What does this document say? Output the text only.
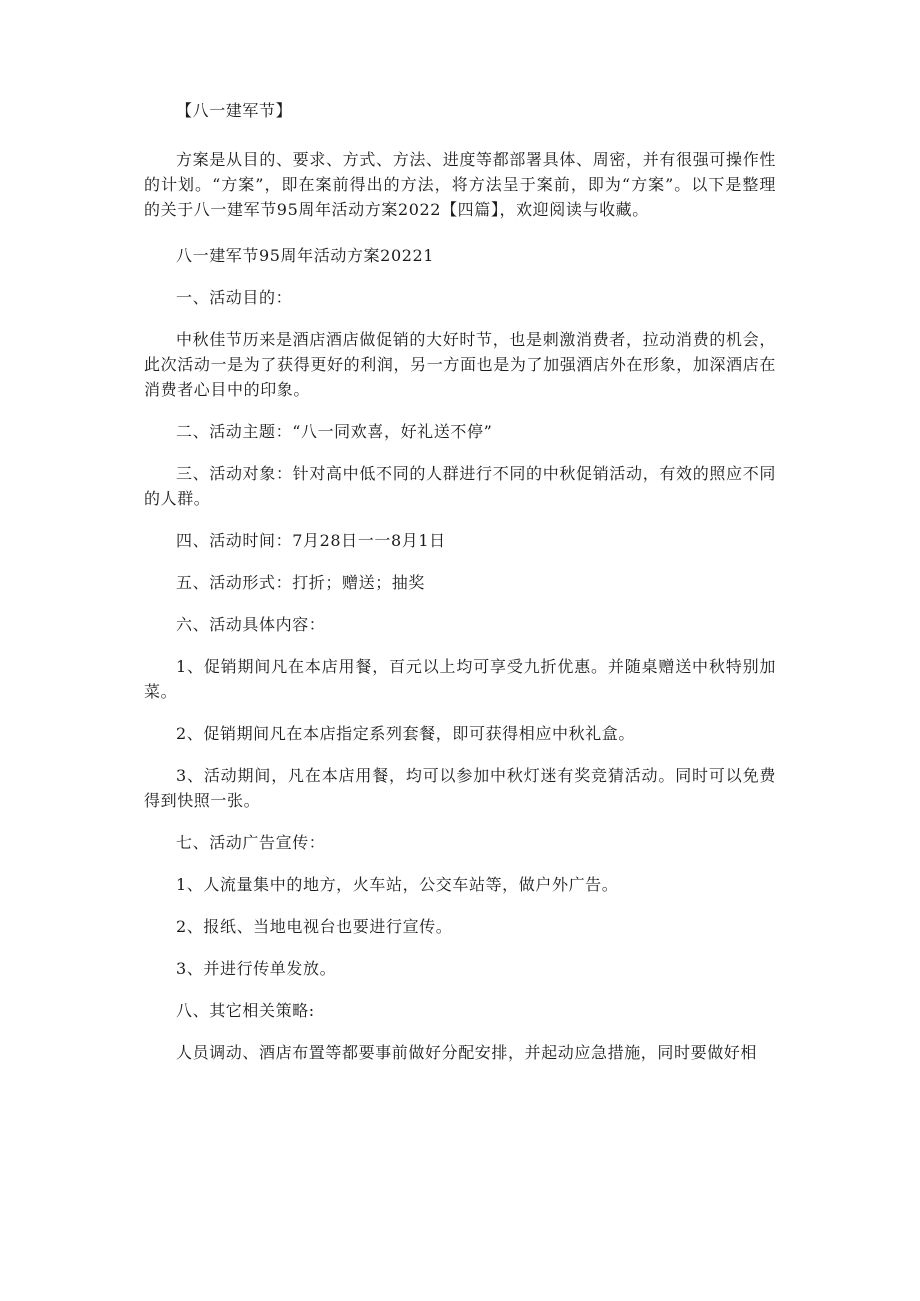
【八一建军节】

方案是从目的、要求、方式、方法、进度等都部署具体、周密，并有很强可操作性的计划。“方案”，即在案前得出的方法，将方法呈于案前，即为“方案”。以下是整理的关于八一建军节95周年活动方案2022【四篇】，欢迎阅读与收藏。

八一建军节95周年活动方案20221

一、活动目的：

中秋佳节历来是酒店酒店做促销的大好时节，也是刺激消费者，拉动消费的机会，此次活动一是为了获得更好的利润，另一方面也是为了加强酒店外在形象，加深酒店在消费者心目中的印象。

二、活动主题：“八一同欢喜，好礼送不停”

三、活动对象：针对高中低不同的人群进行不同的中秋促销活动，有效的照应不同的人群。

四、活动时间：7月28日一一8月1日

五、活动形式：打折；赠送；抽奖

六、活动具体内容：

1、促销期间凡在本店用餐，百元以上均可享受九折优惠。并随桌赠送中秋特别加菜。

2、促销期间凡在本店指定系列套餐，即可获得相应中秋礼盒。

3、活动期间，凡在本店用餐，均可以参加中秋灯迷有奖竞猜活动。同时可以免费得到快照一张。

七、活动广告宣传：

1、人流量集中的地方，火车站，公交车站等，做户外广告。

2、报纸、当地电视台也要进行宣传。

3、并进行传单发放。

八、其它相关策略:

人员调动、酒店布置等都要事前做好分配安排，并起动应急措施，同时要做好相
